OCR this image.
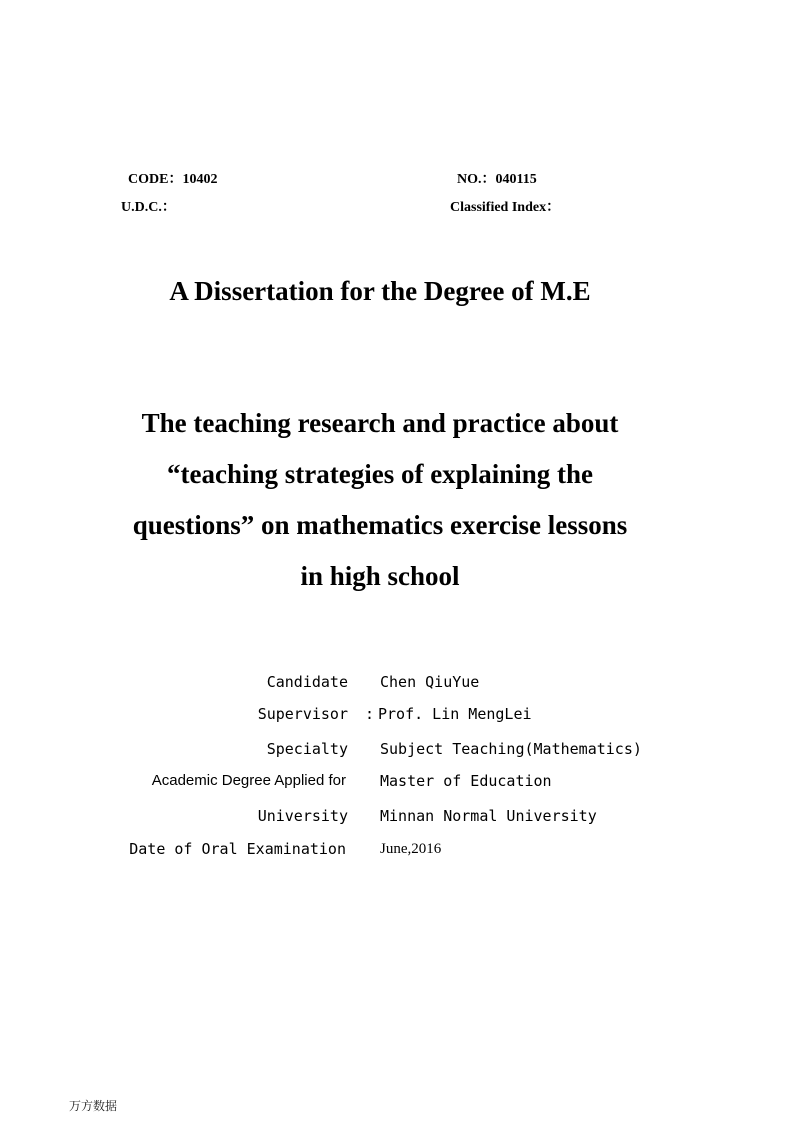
CODE：10402
U.D.C.：
NO.：040115
Classified Index：
A Dissertation for the Degree of M.E
The teaching research and practice about
“teaching strategies of explaining the
questions” on mathematics exercise lessons
in high school
Candidate Chen QiuYue
Supervisor : Prof. Lin MengLei
Specialty Subject Teaching(Mathematics)
Academic Degree Applied for Master of Education
University Minnan Normal University
Date of Oral Examination June,2016
万方数据
